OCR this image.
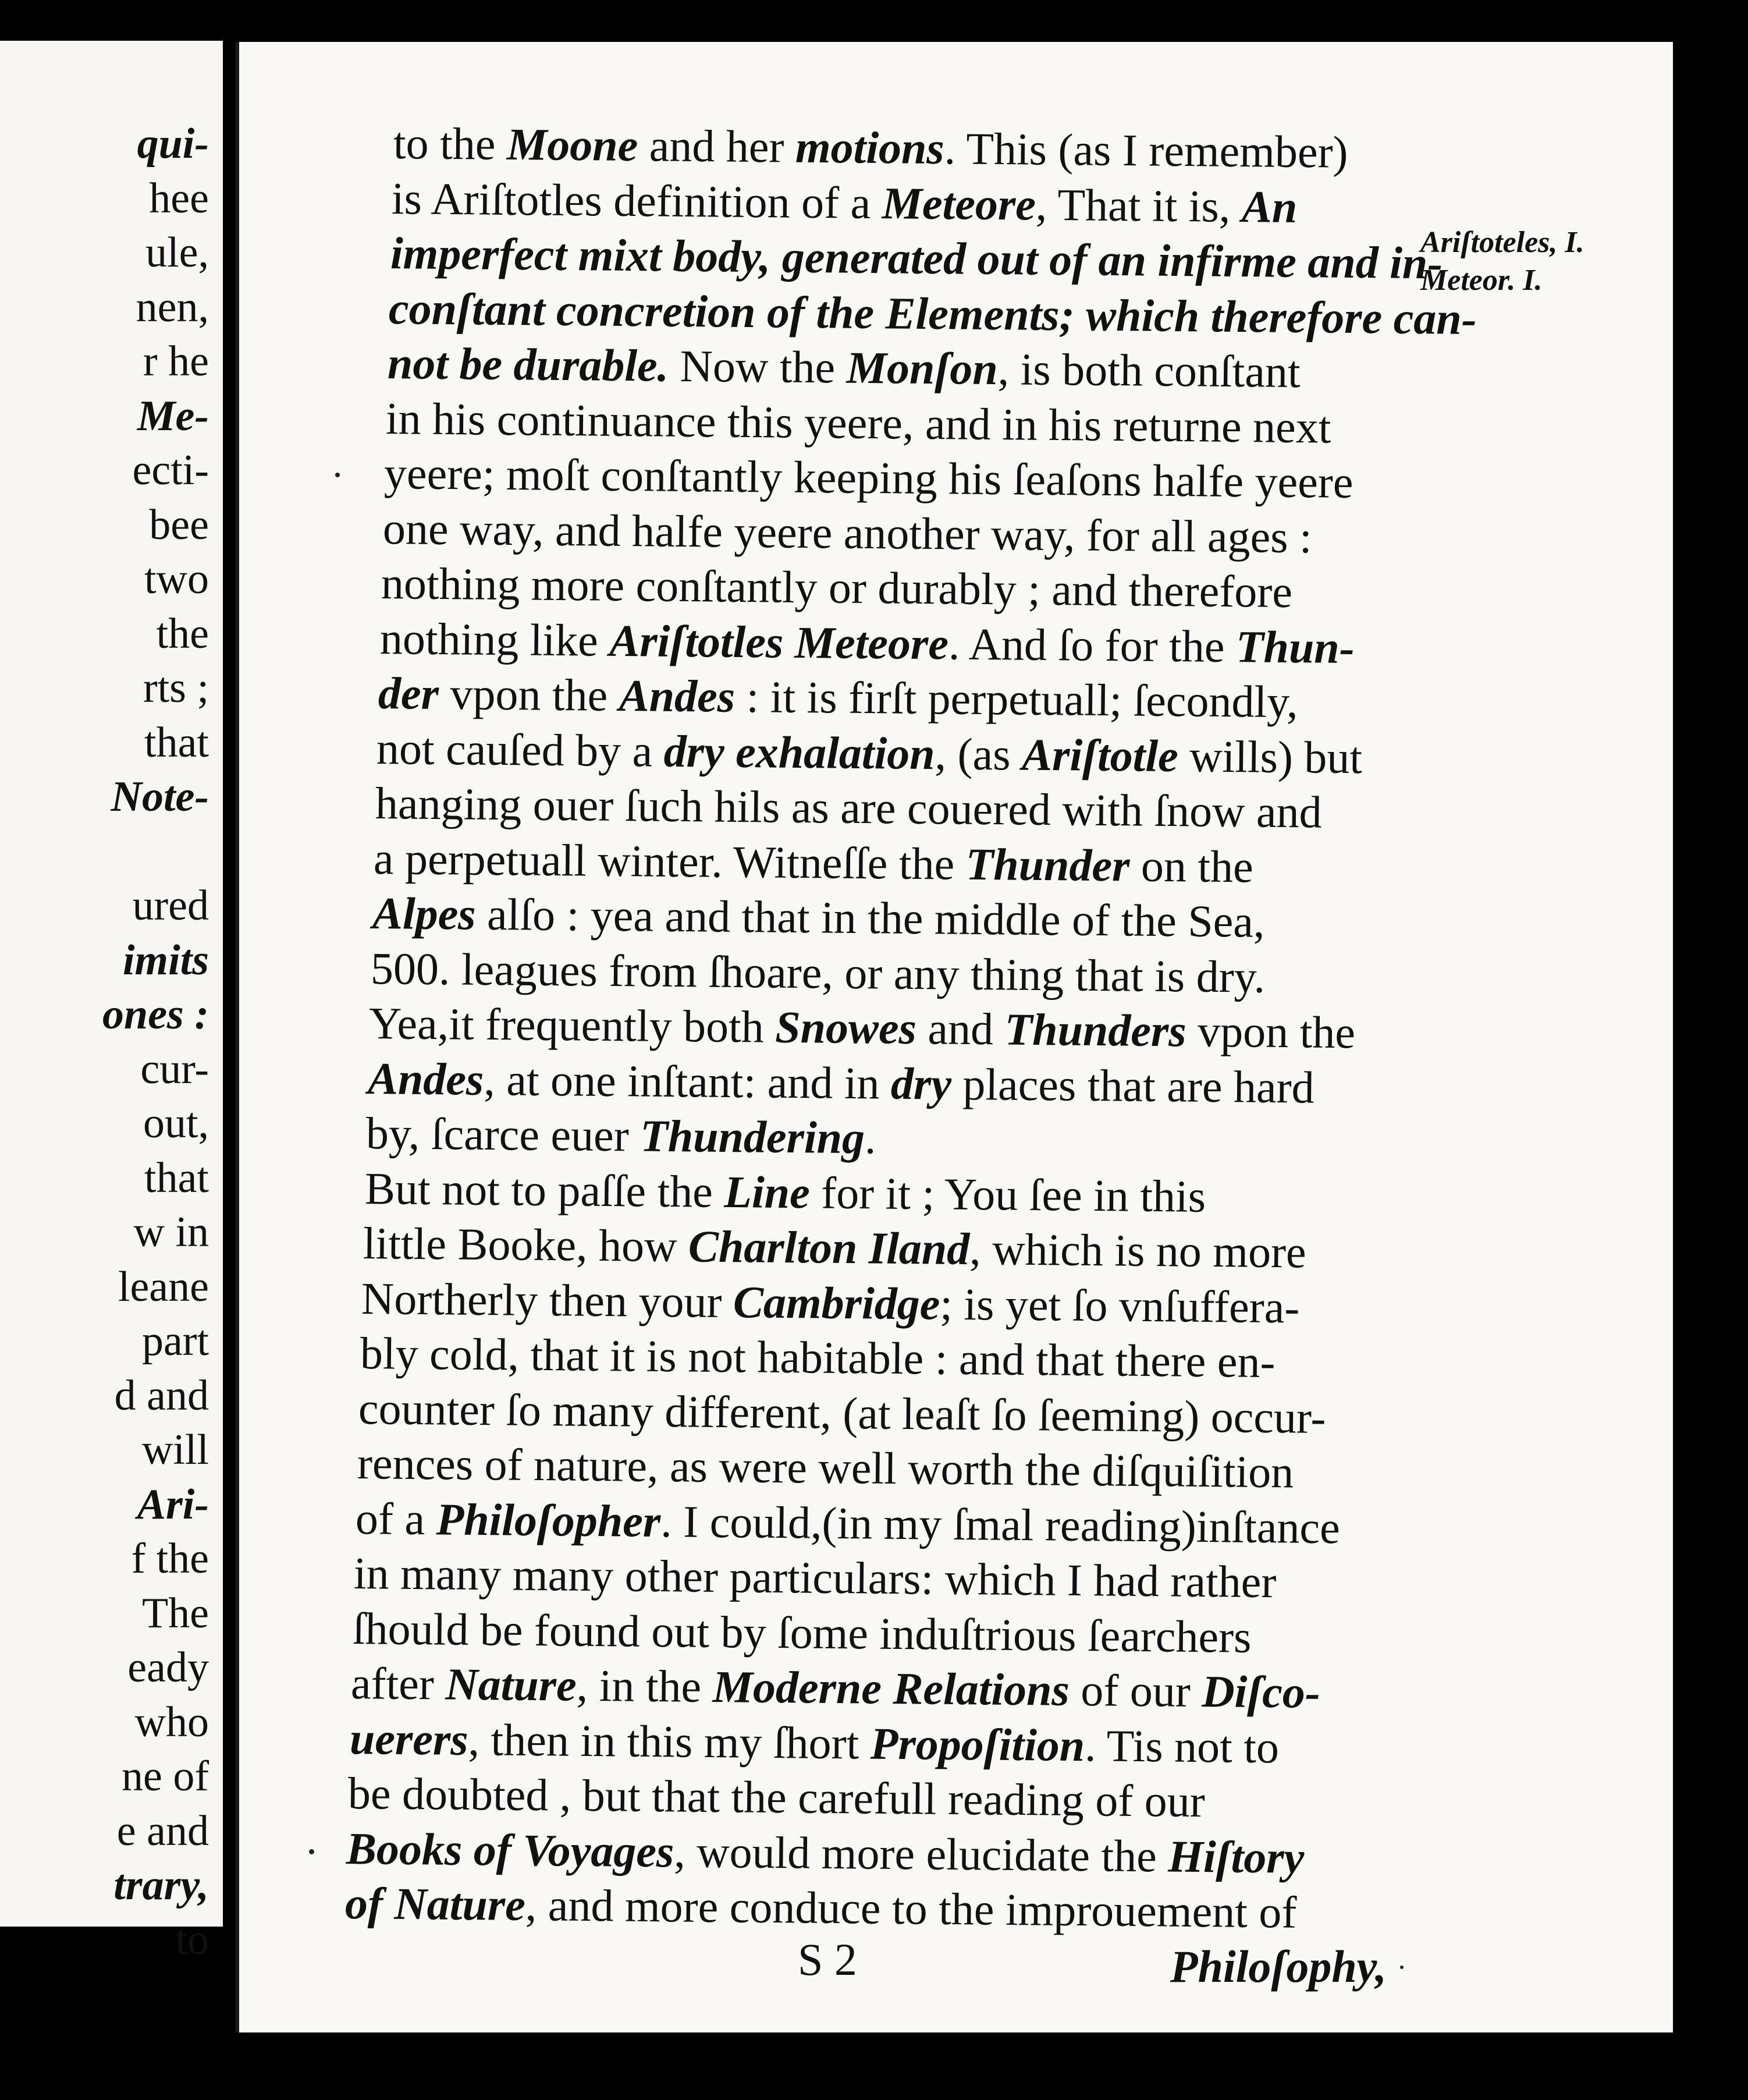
qui-
hee
ule,
nen,
r he
Me-
ecti-
bee
two
the
rts ;
that
Note-
ured
imits
ones :
cur-
out,
that
w in
leane
part
d and
will
Ari-
f the
The
eady
who
ne of
e and
trary,
to
Ariſtoteles, I.
Meteor. I.
S 2	Philoſophy,
to the Moone and her motions. This (as I remember)
is Ariſtotles definition of a Meteore, That it is, An
imperfect mixt body, generated out of an infirme and in-
conſtant concretion of the Elements; which therefore can-
not be durable. Now the Monſon, is both conſtant
in his continuance this yeere, and in his returne next
yeere; moſt conſtantly keeping his ſeaſons halfe yeere
one way, and halfe yeere another way, for all ages :
nothing more conſtantly or durably ; and therefore
nothing like Ariſtotles Meteore. And ſo for the Thun-
der vpon the Andes : it is firſt perpetuall; ſecondly,
not cauſed by a dry exhalation, (as Ariſtotle wills) but
hanging ouer ſuch hils as are couered with ſnow and
a perpetuall winter. Witneſſe the Thunder on the
Alpes alſo : yea and that in the middle of the Sea,
500. leagues from ſhoare, or any thing that is dry.
Yea,it frequently both Snowes and Thunders vpon the
Andes, at one inſtant: and in dry places that are hard
by, ſcarce euer Thundering.
But not to paſſe the Line for it ; You ſee in this
little Booke, how Charlton Iland, which is no more
Northerly then your Cambridge; is yet ſo vnſuffera-
bly cold, that it is not habitable : and that there en-
counter ſo many different, (at leaſt ſo ſeeming) occur-
rences of nature, as were well worth the diſquiſition
of a Philoſopher. I could,(in my ſmal reading)inſtance
in many many other particulars: which I had rather
ſhould be found out by ſome induſtrious ſearchers
after Nature, in the Moderne Relations of our Diſco-
uerers, then in this my ſhort Propoſition. Tis not to
be doubted , but that the carefull reading of our
Books of Voyages, would more elucidate the Hiſtory
of Nature, and more conduce to the improuement of
